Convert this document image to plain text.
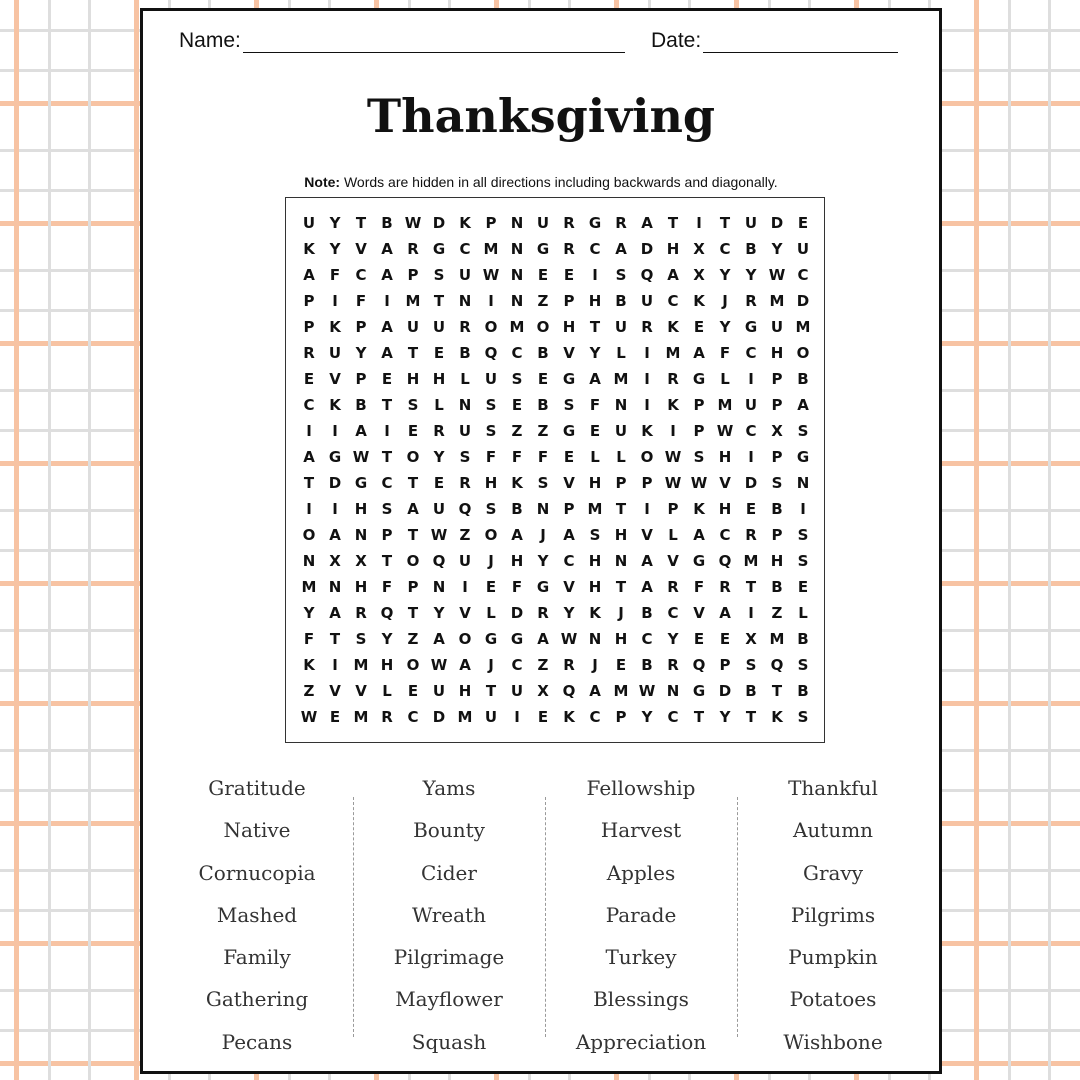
Name:	Date:
Thanksgiving
Note: Words are hidden in all directions including backwards and diagonally.
U Y	T	B W D K P N U R G R A	T	I	T U D E
K Y V A R G C M N G R C A D H X C B Y U
A	F	C A P	S U W N E	E	I	S Q A X Y	Y W C
P	I	F	I	M T N	I	N Z	P H B U C K	J	R M D
P K P A U U R O M O H T U R K	E	Y G U M
R U Y A	T	E	B Q C B V Y	L	I	M A	F	C H O
E	V P	E H H L	U S	E G A M	I	R G	L	I	P B
C K B	T	S	L N S	E	B S	F N	I	K P M U P A
I	I	A	I	E	R U S	Z	Z G E U K	I	P W C X S
A G W T O Y	S	F	F	F	E	L	L O W S H	I	P G
T D G C	T	E	R H K S V H P	P W W V D S N
I	I	H S A U Q S B N P M T	I	P K H E	B	I
O A N P	T W Z O A	J	A S H V	L	A C R P	S
N X X	T O Q U	J	H Y	C H N A V G Q M H S
M N H F	P N	I	E	F G V H T	A R	F	R	T	B	E
Y A R Q T	Y V	L D R Y K	J	B C V A	I	Z	L
F	T	S	Y	Z A O G G A W N H C	Y	E	E	X M B
K	I	M H O W A	J	C	Z R	J	E	B R Q P	S Q S
Z V V	L	E U H T U X Q A M W N G D B	T	B
W E M R C D M U	I	E	K C	P	Y	C	T	Y	T	K S
Gratitude
Native
Cornucopia
Mashed
Family
Gathering
Pecans
Yams
Bounty
Cider
Wreath
Pilgrimage
Mayflower
Squash
Fellowship
Harvest
Apples
Parade
Turkey
Blessings
Appreciation
Thankful
Autumn
Gravy
Pilgrims
Pumpkin
Potatoes
Wishbone
